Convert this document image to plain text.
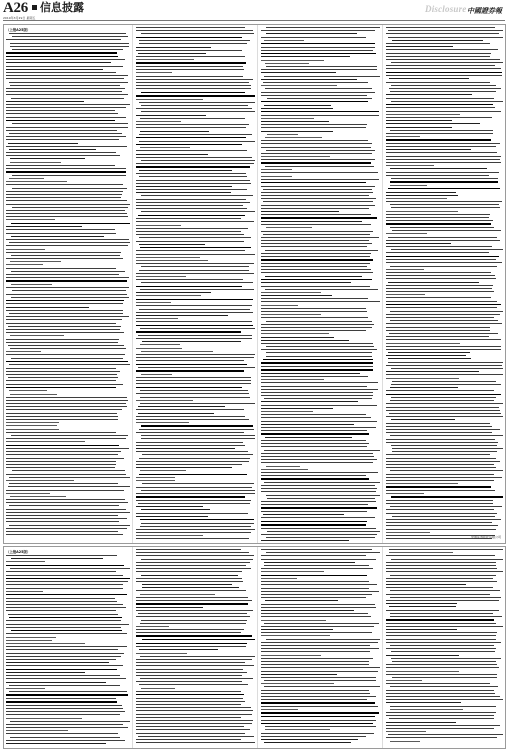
A26 信息披露
2019年3月29日 星期五
Disclosure 中國證券報
（上接A25版）
中国证券报社有限公司
（上接A25版）
